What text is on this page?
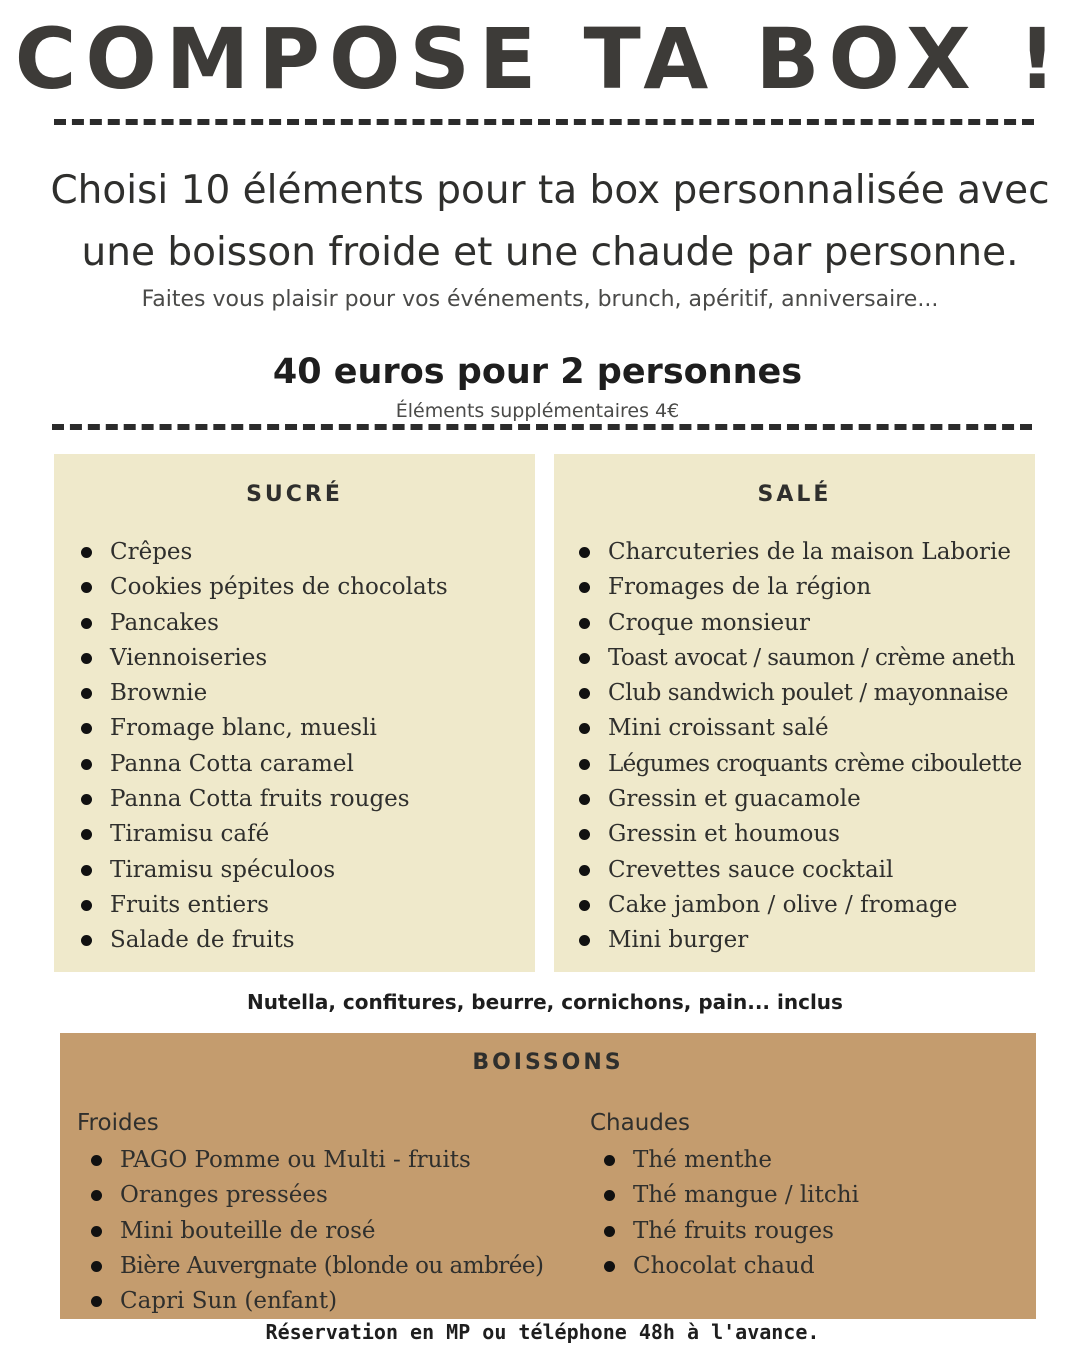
COMPOSE TA BOX !
Choisi 10 éléments pour ta box personnalisée avec
une boisson froide et une chaude par personne.
Faites vous plaisir pour vos événements, brunch, apéritif, anniversaire...
40 euros pour 2 personnes
Éléments supplémentaires 4€
SUCRÉ
Crêpes
Cookies pépites de chocolats
Pancakes
Viennoiseries
Brownie
Fromage blanc, muesli
Panna Cotta caramel
Panna Cotta fruits rouges
Tiramisu café
Tiramisu spéculoos
Fruits entiers
Salade de fruits
SALÉ
Charcuteries de la maison Laborie
Fromages de la région
Croque monsieur
Toast avocat / saumon / crème aneth
Club sandwich poulet / mayonnaise
Mini croissant salé
Légumes croquants crème ciboulette
Gressin et guacamole
Gressin et houmous
Crevettes sauce cocktail
Cake jambon / olive / fromage
Mini burger
Nutella, confitures, beurre, cornichons, pain... inclus
BOISSONS
Froides
PAGO Pomme ou Multi - fruits
Oranges pressées
Mini bouteille de rosé
Bière Auvergnate (blonde ou ambrée)
Capri Sun (enfant)
Chaudes
Thé menthe
Thé mangue / litchi
Thé fruits rouges
Chocolat chaud
Réservation en MP ou téléphone 48h à l'avance.
